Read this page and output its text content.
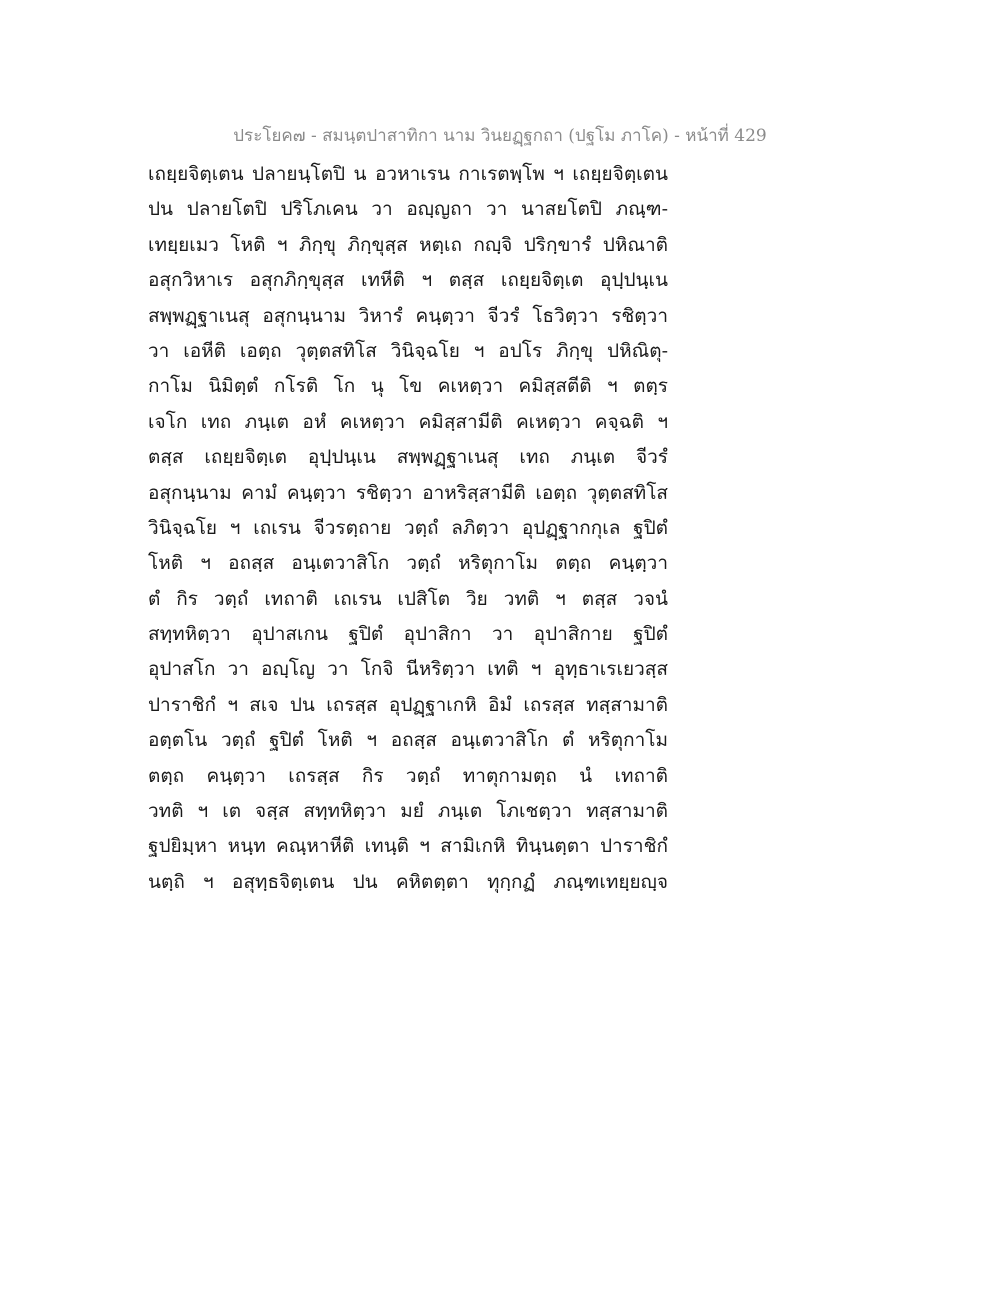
ประโยค๗ - สมนฺตปาสาทิกา นาม วินยฏฺฐกถา (ปฐโม ภาโค) - หน้าที่ 429
เถยฺยจิตฺเตน ปลายนฺโตปิ น อวหาเรน กาเรตพฺโพ ฯ เถยฺยจิตฺเตน
ปน ปลายโตปิ ปริโภเคน วา อญฺญถา วา นาสยโตปิ ภณฺฑ-
เทยฺยเมว โหติ ฯ ภิกฺขุ ภิกฺขุสฺส หตฺเถ กญฺจิ ปริกฺขารํ ปหิณาติ
อสุกวิหาเร อสุกภิกฺขุสฺส เทหีติ ฯ ตสฺส เถยฺยจิตฺเต อุปฺปนฺเน
สพฺพฏฺฐาเนสุ อสุกนฺนาม วิหารํ คนฺตฺวา จีวรํ โธวิตฺวา รชิตฺวา
วา เอหีติ เอตฺถ วุตฺตสทิโส วินิจฺฉโย ฯ อปโร ภิกฺขุ ปหิณิตุ-
กาโม นิมิตฺตํ กโรติ โก นุ โข คเหตฺวา คมิสฺสตีติ ฯ ตตฺร
เจโก เทถ ภนฺเต อหํ คเหตฺวา คมิสฺสามีติ คเหตฺวา คจฺฉติ ฯ
ตสฺส เถยฺยจิตฺเต อุปฺปนฺเน สพฺพฏฺฐาเนสุ เทถ ภนฺเต จีวรํ
อสุกนฺนาม คามํ คนฺตฺวา รชิตฺวา อาหริสฺสามีติ เอตฺถ วุตฺตสทิโส
วินิจฺฉโย ฯ เถเรน จีวรตฺถาย วตฺถํ ลภิตฺวา อุปฏฺฐากกุเล ฐปิตํ
โหติ ฯ อถสฺส อนฺเตวาสิโก วตฺถํ หริตุกาโม ตตฺถ คนฺตฺวา
ตํ กิร วตฺถํ เทถาติ เถเรน เปสิโต วิย วทติ ฯ ตสฺส วจนํ
สทฺทหิตฺวา อุปาสเกน ฐปิตํ อุปาสิกา วา อุปาสิกาย ฐปิตํ
อุปาสโก วา อญฺโญ วา โกจิ นีหริตฺวา เทติ ฯ อุทฺธาเรเยวสฺส
ปาราชิกํ ฯ สเจ ปน เถรสฺส อุปฏฺฐาเกหิ อิมํ เถรสฺส ทสฺสามาติ
อตฺตโน วตฺถํ ฐปิตํ โหติ ฯ อถสฺส อนฺเตวาสิโก ตํ หริตุกาโม
ตตฺถ คนฺตฺวา เถรสฺส กิร วตฺถํ ทาตุกามตฺถ นํ เทถาติ
วทติ ฯ เต จสฺส สทฺทหิตฺวา มยํ ภนฺเต โภเชตฺวา ทสฺสามาติ
ฐปยิมฺหา หนฺท คณฺหาหีติ เทนฺติ ฯ สามิเกหิ ทินฺนตฺตา ปาราชิกํ
นตฺถิ ฯ อสุทฺธจิตฺเตน ปน คหิตตฺตา ทุกฺกฏํ ภณฺฑเทยฺยญฺจ
